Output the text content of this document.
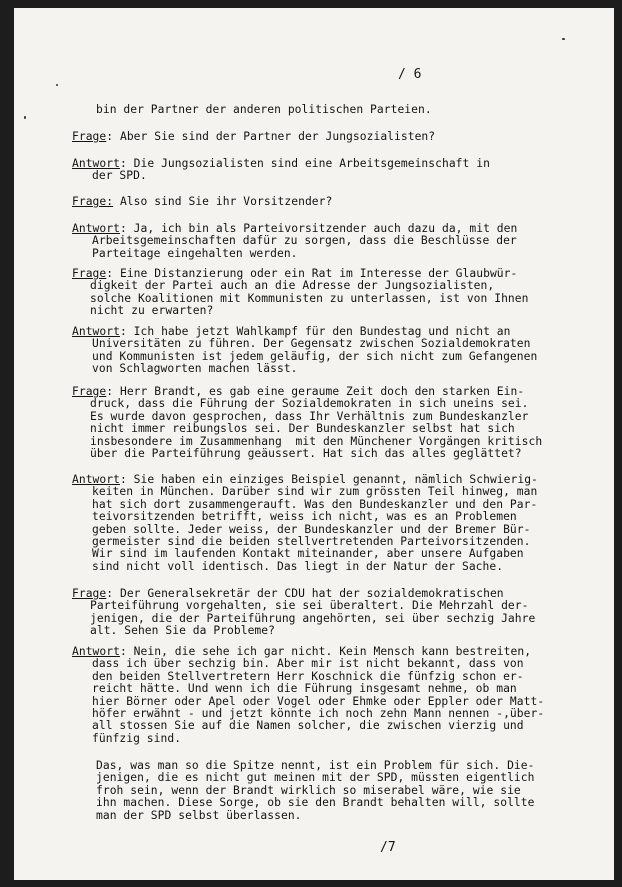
/ 6
bin der Partner der anderen politischen Parteien.
Frage: Aber Sie sind der Partner der Jungsozialisten?
Antwort: Die Jungsozialisten sind eine Arbeitsgemeinschaft in
der SPD.
Frage: Also sind Sie ihr Vorsitzender?
Antwort: Ja, ich bin als Parteivorsitzender auch dazu da, mit den
Arbeitsgemeinschaften dafür zu sorgen, dass die Beschlüsse der
Parteitage eingehalten werden.
Frage: Eine Distanzierung oder ein Rat im Interesse der Glaubwür-
digkeit der Partei auch an die Adresse der Jungsozialisten,
solche Koalitionen mit Kommunisten zu unterlassen, ist von Ihnen
nicht zu erwarten?
Antwort: Ich habe jetzt Wahlkampf für den Bundestag und nicht an
Universitäten zu führen. Der Gegensatz zwischen Sozialdemokraten
und Kommunisten ist jedem geläufig, der sich nicht zum Gefangenen
von Schlagworten machen lässt.
Frage: Herr Brandt, es gab eine geraume Zeit doch den starken Ein-
druck, dass die Führung der Sozialdemokraten in sich uneins sei.
Es wurde davon gesprochen, dass Ihr Verhältnis zum Bundeskanzler
nicht immer reibungslos sei. Der Bundeskanzler selbst hat sich
insbesondere im Zusammenhang  mit den Münchener Vorgängen kritisch
über die Parteiführung geäussert. Hat sich das alles geglättet?
Antwort: Sie haben ein einziges Beispiel genannt, nämlich Schwierig-
keiten in München. Darüber sind wir zum grössten Teil hinweg, man
hat sich dort zusammengerauft. Was den Bundeskanzler und den Par-
teivorsitzenden betrifft, weiss ich nicht, was es an Problemen
geben sollte. Jeder weiss, der Bundeskanzler und der Bremer Bür-
germeister sind die beiden stellvertretenden Parteivorsitzenden.
Wir sind im laufenden Kontakt miteinander, aber unsere Aufgaben
sind nicht voll identisch. Das liegt in der Natur der Sache.
Frage: Der Generalsekretär der CDU hat der sozialdemokratischen
Parteiführung vorgehalten, sie sei überaltert. Die Mehrzahl der-
jenigen, die der Parteiführung angehörten, sei über sechzig Jahre
alt. Sehen Sie da Probleme?
Antwort: Nein, die sehe ich gar nicht. Kein Mensch kann bestreiten,
dass ich über sechzig bin. Aber mir ist nicht bekannt, dass von
den beiden Stellvertretern Herr Koschnick die fünfzig schon er-
reicht hätte. Und wenn ich die Führung insgesamt nehme, ob man
hier Börner oder Apel oder Vogel oder Ehmke oder Eppler oder Matt-
höfer erwähnt - und jetzt könnte ich noch zehn Mann nennen -,über-
all stossen Sie auf die Namen solcher, die zwischen vierzig und
fünfzig sind.
Das, was man so die Spitze nennt, ist ein Problem für sich. Die-
jenigen, die es nicht gut meinen mit der SPD, müssten eigentlich
froh sein, wenn der Brandt wirklich so miserabel wäre, wie sie
ihn machen. Diese Sorge, ob sie den Brandt behalten will, sollte
man der SPD selbst überlassen.
/7
